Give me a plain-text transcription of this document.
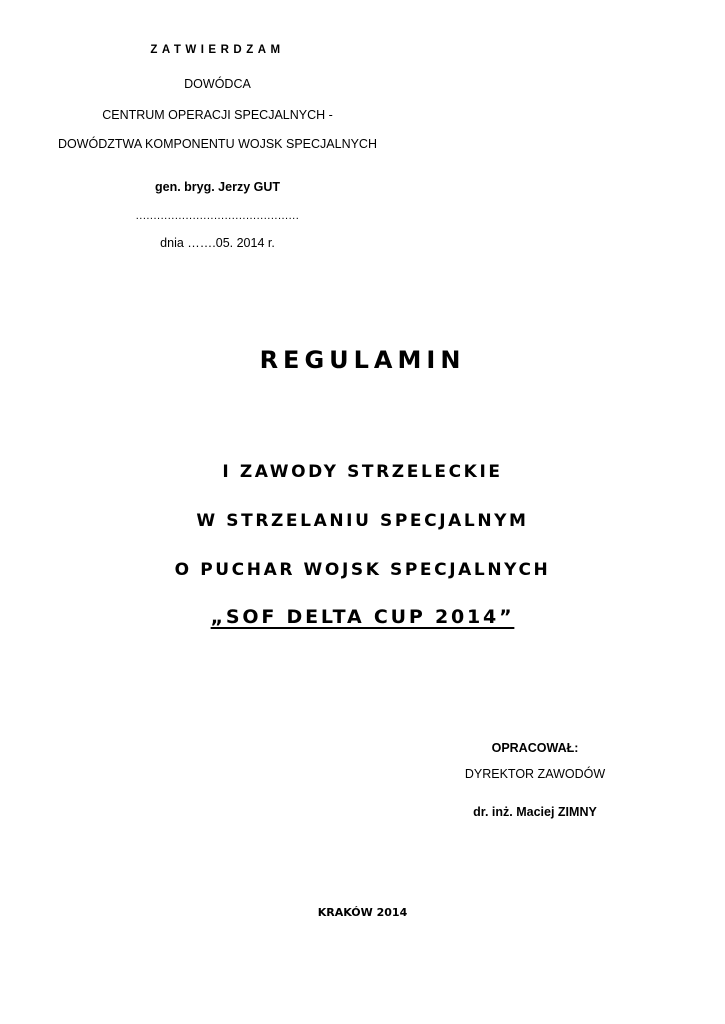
ZATWIERDZAM
DOWÓDCA
CENTRUM OPERACJI SPECJALNYCH -
DOWÓDZTWA KOMPONENTU WOJSK SPECJALNYCH
gen. bryg. Jerzy GUT
..............................................
dnia …….05. 2014 r.
REGULAMIN
I ZAWODY STRZELECKIE
W STRZELANIU SPECJALNYM
O PUCHAR WOJSK SPECJALNYCH
„SOF DELTA CUP 2014”
OPRACOWAŁ:
DYREKTOR ZAWODÓW
dr. inż. Maciej ZIMNY
KRAKÓW 2014
